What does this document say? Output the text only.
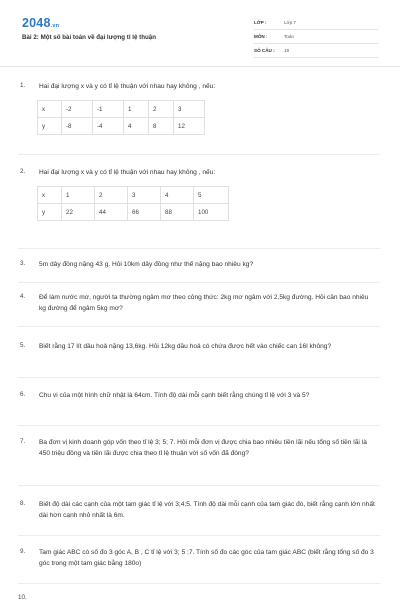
2048.vn
Bài 2: Một số bài toán về đại lượng tỉ lệ thuận
LỚP :	Lớp 7
MÔN :	Toán
SỐ CÂU :	19
1. Hai đại lượng x và y có tỉ lệ thuận với nhau hay không , nếu:
x	-2	-1	1	2	3
y	-8	-4	4	8	12
2. Hai đại lượng x và y có tỉ lệ thuận với nhau hay không , nếu:
x	1	2	3	4	5
y	22	44	66	88	100
3. 5m dây đồng nặng 43 g. Hỏi 10km dây đồng như thế nặng bao nhiêu kg?
4. Để làm nước mơ, người ta thường ngâm mơ theo công thức: 2kg mơ ngâm với 2,5kg đường. Hỏi cần bao nhiêu kg đường để ngâm 5kg mơ?
5. Biết rằng 17 lít dầu hoả nặng 13,6kg. Hỏi 12kg dầu hoả có chứa được hết vào chiếc can 16l không?
6. Chu vi của một hình chữ nhật là 64cm. Tính độ dài mỗi cạnh biết rằng chúng tỉ lệ với 3 và 5?
7. Ba đơn vị kinh doanh góp vốn theo tỉ lệ 3; 5; 7. Hỏi mỗi đơn vị được chia bao nhiêu tiền lãi nếu tổng số tiền lãi là 450 triệu đồng và tiền lãi được chia theo tỉ lệ thuận với số vốn đã đóng?
8. Biết độ dài các cạnh của một tam giác tỉ lệ với 3;4;5. Tính độ dài mỗi cạnh của tam giác đó, biết rằng cạnh lớn nhất dài hơn cạnh nhỏ nhất là 6m.
9. Tam giác ABC có số đo 3 góc A, B , C tỉ lệ với 3; 5 ;7. Tính số đo các góc của tam giác ABC (biết rằng tổng số đo 3 góc trong một tam giác bằng 180o)
10.
